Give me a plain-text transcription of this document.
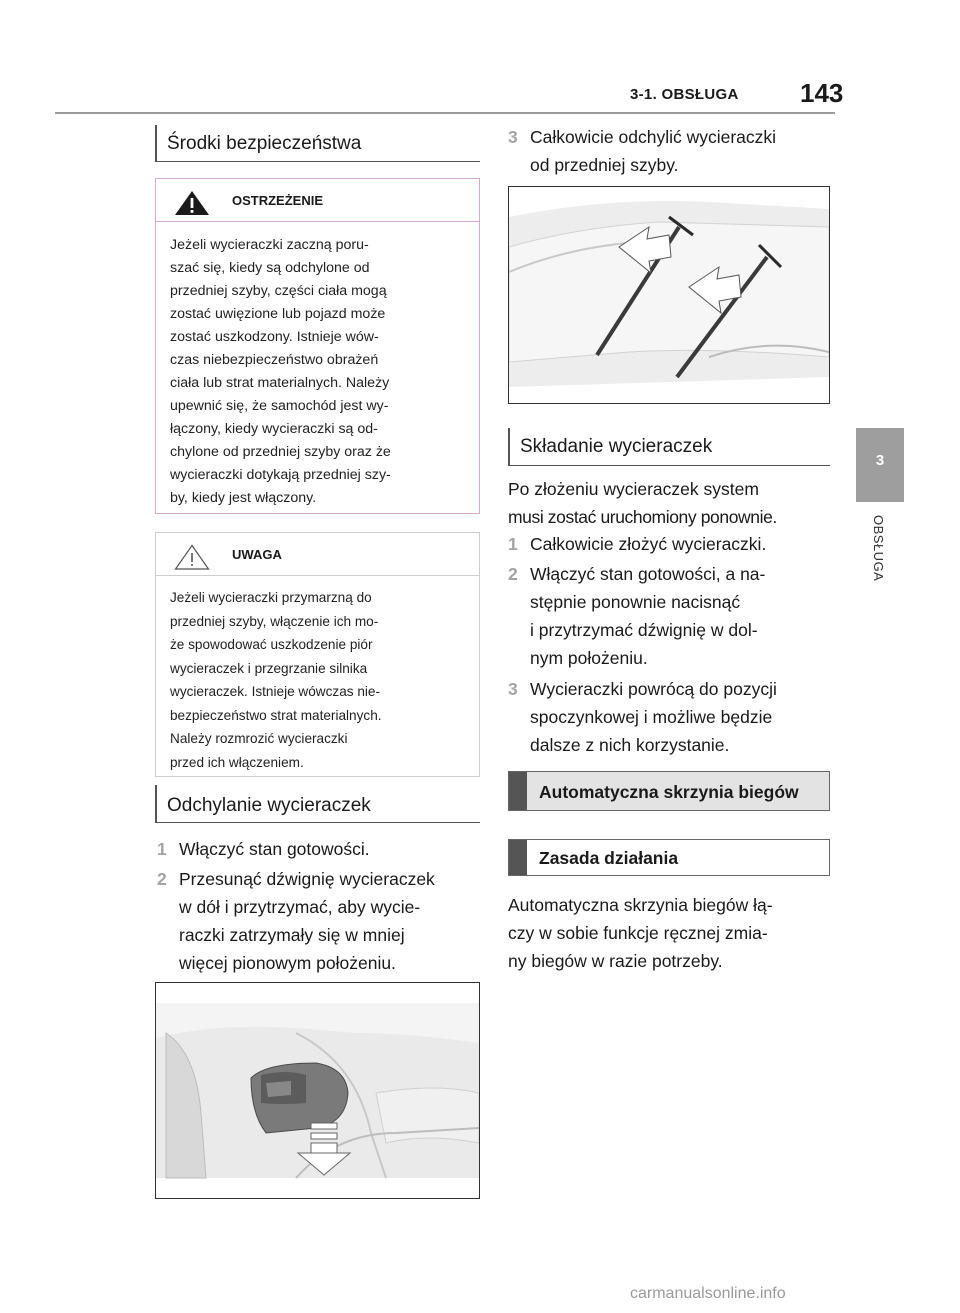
3-1. OBSŁUGA 143
3
OBSŁUGA
Środki bezpieczeństwa
OSTRZEŻENIE
Jeżeli wycieraczki zaczną poru-
szać się, kiedy są odchylone od
przedniej szyby, części ciała mogą
zostać uwięzione lub pojazd może
zostać uszkodzony. Istnieje wów-
czas niebezpieczeństwo obrażeń
ciała lub strat materialnych. Należy
upewnić się, że samochód jest wy-
łączony, kiedy wycieraczki są od-
chylone od przedniej szyby oraz że
wycieraczki dotykają przedniej szy-
by, kiedy jest włączony.
UWAGA
Jeżeli wycieraczki przymarzną do
przedniej szyby, włączenie ich mo-
że spowodować uszkodzenie piór
wycieraczek i przegrzanie silnika
wycieraczek. Istnieje wówczas nie-
bezpieczeństwo strat materialnych.
Należy rozmrozić wycieraczki
przed ich włączeniem.
Odchylanie wycieraczek
1 Włączyć stan gotowości.
2 Przesunąć dźwignię wycieraczek
w dół i przytrzymać, aby wycie-
raczki zatrzymały się w mniej
więcej pionowym położeniu.
3 Całkowicie odchylić wycieraczki
od przedniej szyby.
Składanie wycieraczek
Po złożeniu wycieraczek system
musi zostać uruchomiony ponownie.
1 Całkowicie złożyć wycieraczki.
2 Włączyć stan gotowości, a na-
stępnie ponownie nacisnąć
i przytrzymać dźwignię w dol-
nym położeniu.
3 Wycieraczki powrócą do pozycji
spoczynkowej i możliwe będzie
dalsze z nich korzystanie.
Automatyczna skrzynia biegów
Zasada działania
Automatyczna skrzynia biegów łą-
czy w sobie funkcje ręcznej zmia-
ny biegów w razie potrzeby.
carmanualsonline.info
